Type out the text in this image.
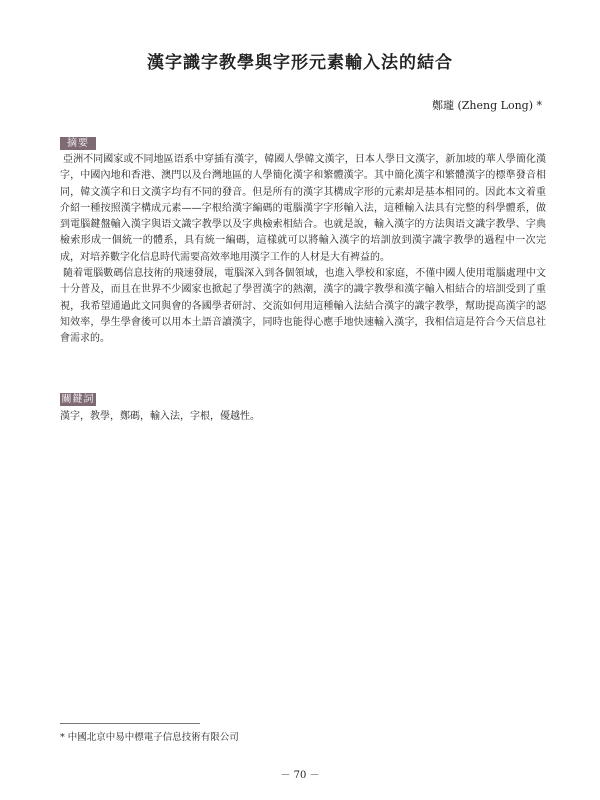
漢字識字教學與字形元素輸入法的結合
鄭瓏 (Zheng Long) *
摘要

亞洲不同國家或不同地區语系中穿插有漢字，韓國人學韓文漢字，日本人學日文漢字，新加坡的華人學簡化漢字，中國內地和香港、澳門以及台灣地區的人學簡化漢字和繁體漢字。其中簡化漢字和繁體漢字的標準發音相同，韓文漢字和日文漢字均有不同的發音。但是所有的漢字其構成字形的元素却是基本相同的。因此本文着重介紹一種按照漢字構成元素——字根给漢字編碼的電腦漢字字形輸入法，這種輸入法具有完整的科學體系，做到電腦鍵盤輸入漢字與语文識字教學以及字典檢索相結合。也就是說，輸入漢字的方法與语文識字教學、字典檢索形成一個統一的體系，具有統一編碼，這樣就可以將輸入漢字的培訓放到漢字識字教學的過程中一次完成，对培养數字化信息時代需要高效率地用漢字工作的人材是大有裨益的。

隨着電腦數碼信息技術的飛速發展，電腦深入到各個領域，也進入學校和家庭，不僅中國人使用電腦處理中文十分普及，而且在世界不少國家也掀起了學習漢字的熱潮，漢字的識字教學和漢字輸入相結合的培訓受到了重視，我希望通過此文同與會的各國學者研討、交流如何用這種輸入法結合漢字的識字教學，幫助提高漢字的認知效率，學生學會後可以用本土語音讀漢字，同時也能得心應手地快速輸入漢字，我相信這是符合今天信息社會需求的。

關鍵詞
漢字，教學，鄭碼，輸入法，字根，優越性。
* 中國北京中易中標電子信息技術有限公司
－ 70 －
